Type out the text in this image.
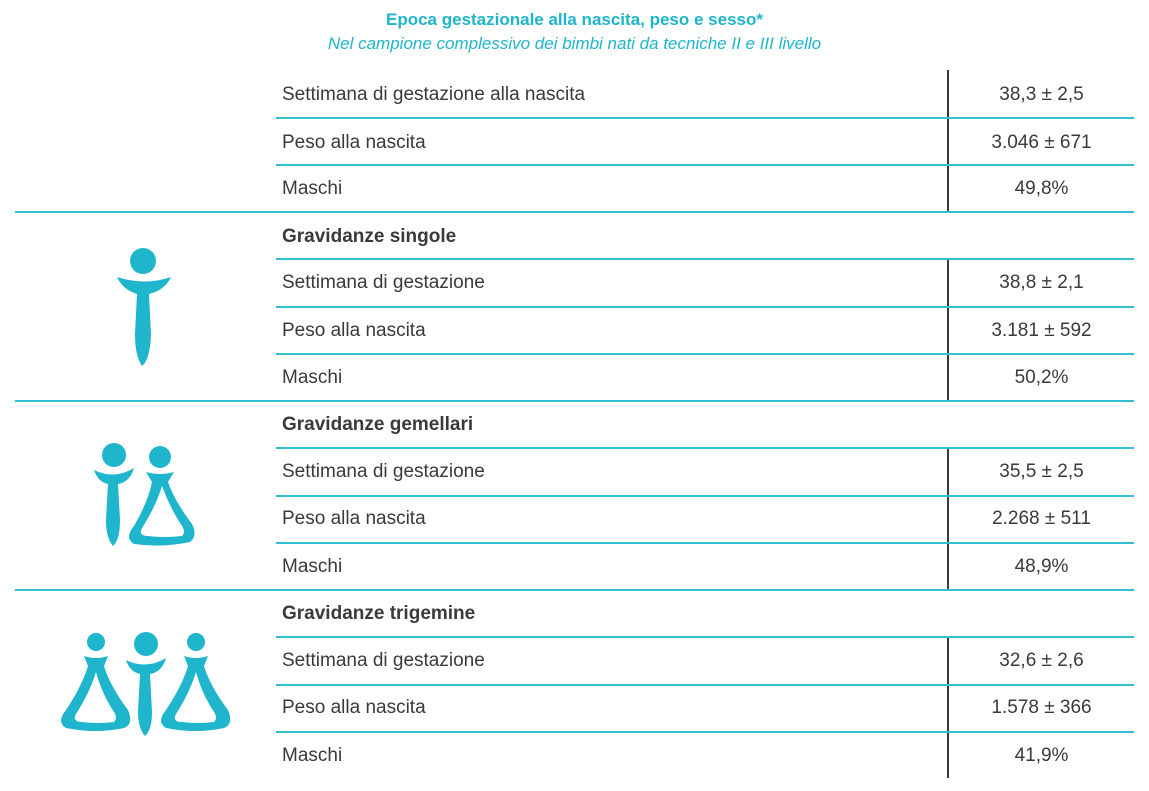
Epoca gestazionale alla nascita, peso e sesso*
Nel campione complessivo dei bimbi nati da tecniche II e III livello
Settimana di gestazione alla nascita	38,3 ± 2,5
Peso alla nascita	3.046 ± 671
Maschi	49,8%
Gravidanze singole
Settimana di gestazione	38,8 ± 2,1
Peso alla nascita	3.181 ± 592
Maschi	50,2%
Gravidanze gemellari
Settimana di gestazione	35,5 ± 2,5
Peso alla nascita	2.268 ± 511
Maschi	48,9%
Gravidanze trigemine
Settimana di gestazione	32,6 ± 2,6
Peso alla nascita	1.578 ± 366
Maschi	41,9%
